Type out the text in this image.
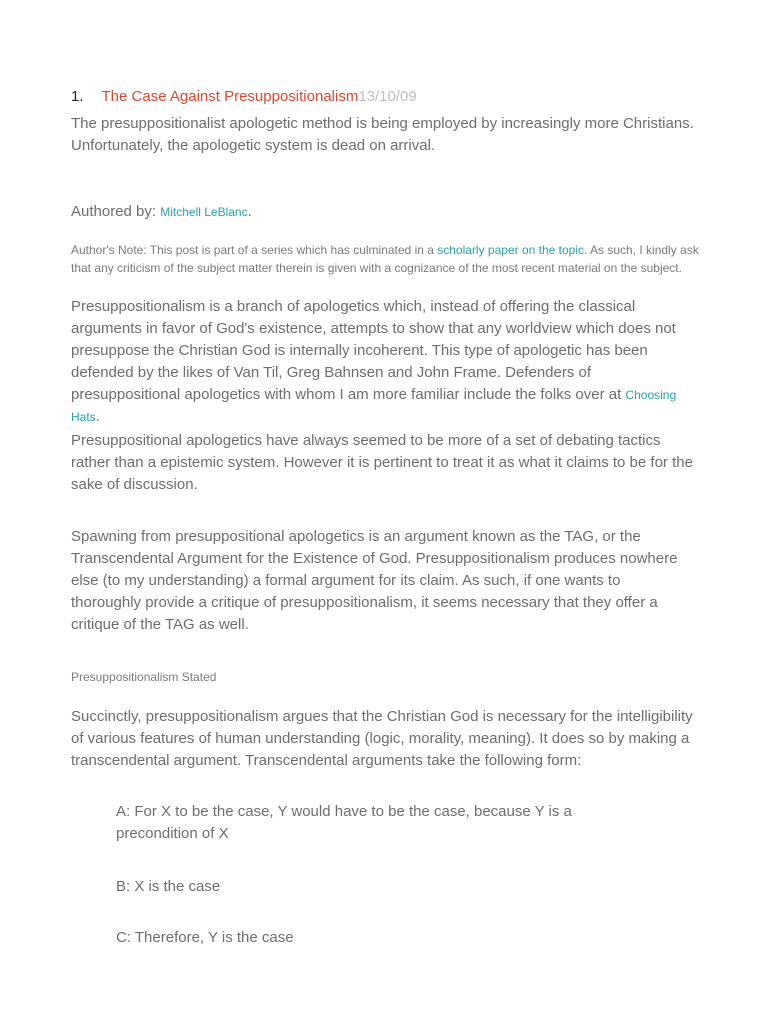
1. The Case Against Presuppositionalism13/10/09
The presuppositionalist apologetic method is being employed by increasingly more Christians.
Unfortunately, the apologetic system is dead on arrival.
Authored by: Mitchell LeBlanc.
Author's Note: This post is part of a series which has culminated in a scholarly paper on the topic. As such, I kindly ask that any criticism of the subject matter therein is given with a cognizance of the most recent material on the subject.
Presuppositionalism is a branch of apologetics which, instead of offering the classical arguments in favor of God's existence, attempts to show that any worldview which does not presuppose the Christian God is internally incoherent. This type of apologetic has been defended by the likes of Van Til, Greg Bahnsen and John Frame. Defenders of presuppositional apologetics with whom I am more familiar include the folks over at Choosing Hats.
Presuppositional apologetics have always seemed to be more of a set of debating tactics rather than a epistemic system. However it is pertinent to treat it as what it claims to be for the sake of discussion.
Spawning from presuppositional apologetics is an argument known as the TAG, or the Transcendental Argument for the Existence of God. Presuppositionalism produces nowhere else (to my understanding) a formal argument for its claim. As such, if one wants to thoroughly provide a critique of presuppositionalism, it seems necessary that they offer a critique of the TAG as well.
Presuppositionalism Stated
Succinctly, presuppositionalism argues that the Christian God is necessary for the intelligibility of various features of human understanding (logic, morality, meaning). It does so by making a transcendental argument. Transcendental arguments take the following form:
A: For X to be the case, Y would have to be the case, because Y is a precondition of X
B: X is the case
C: Therefore, Y is the case
